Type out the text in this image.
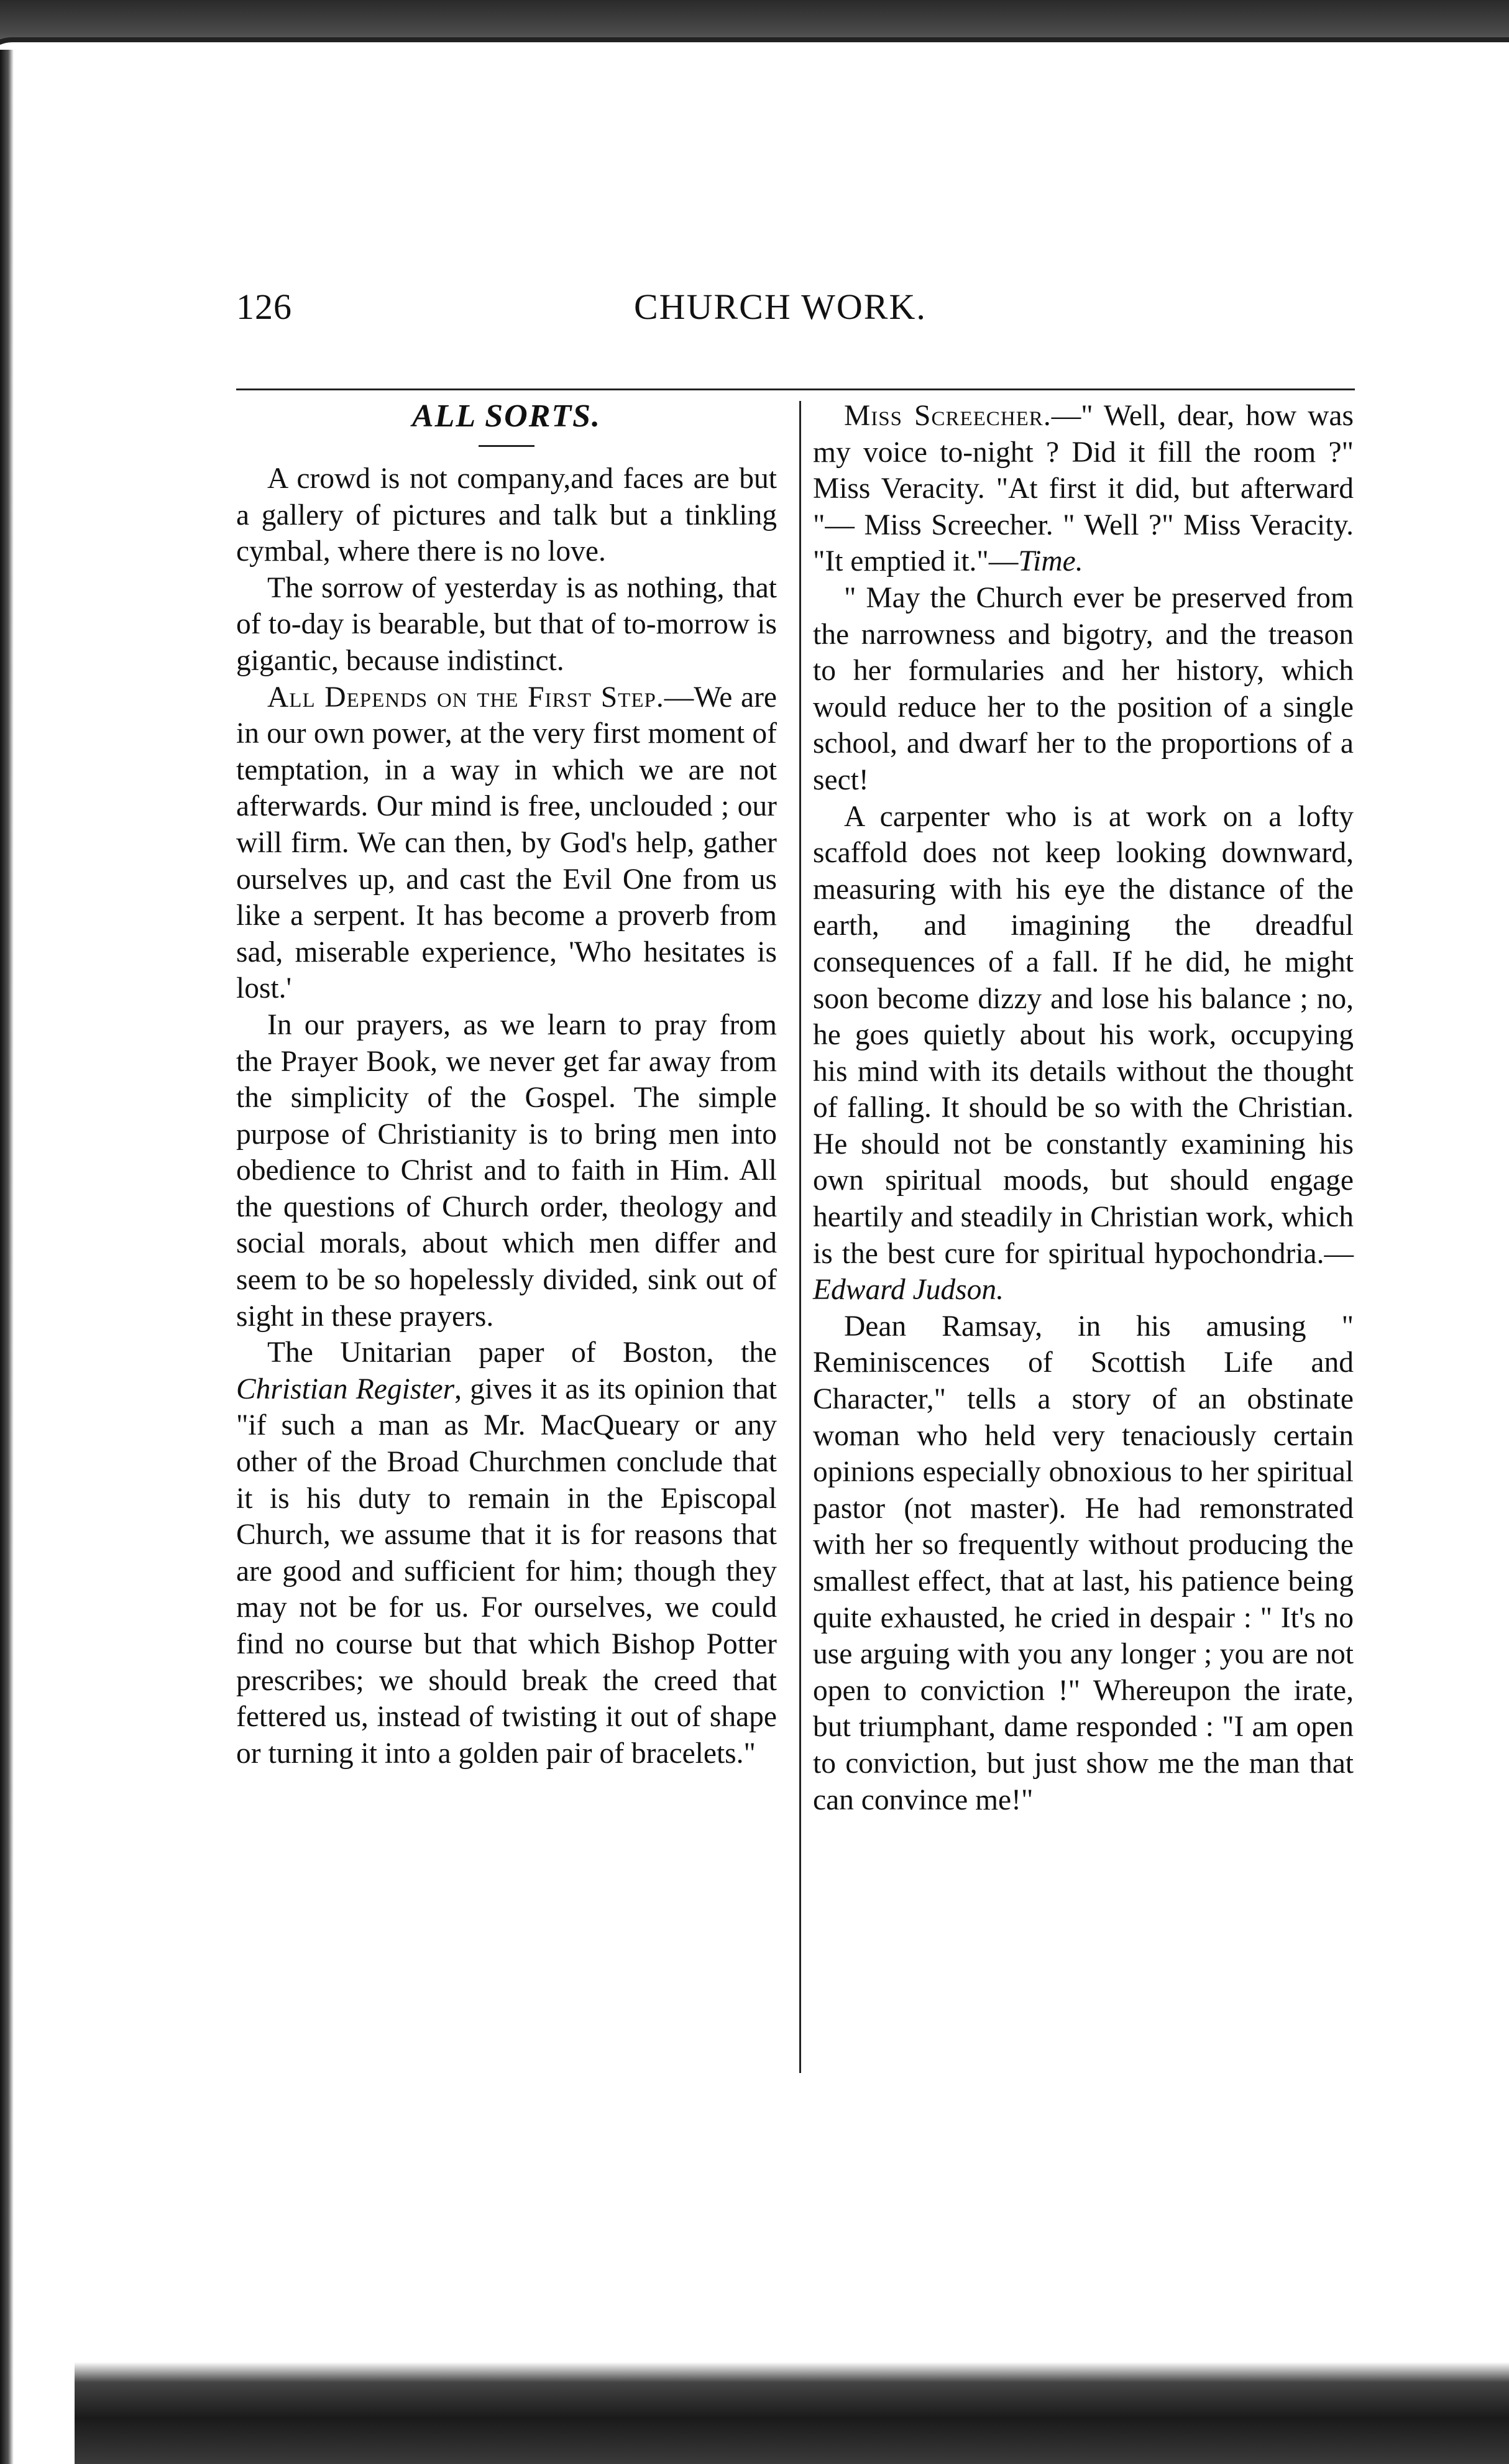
126	CHURCH WORK.
ALL SORTS.

A crowd is not company,and faces are but a gallery of pictures and talk but a tinkling cymbal, where there is no love.

The sorrow of yesterday is as nothing, that of to-day is bearable, but that of to-morrow is gigantic, because indistinct.

All Depends on the First Step.—We are in our own power, at the very first moment of temptation, in a way in which we are not afterwards. Our mind is free, unclouded ; our will firm. We can then, by God's help, gather ourselves up, and cast the Evil One from us like a serpent. It has become a proverb from sad, miserable experience, 'Who hesitates is lost.'

In our prayers, as we learn to pray from the Prayer Book, we never get far away from the simplicity of the Gospel. The simple purpose of Christianity is to bring men into obedience to Christ and to faith in Him. All the questions of Church order, theology and social morals, about which men differ and seem to be so hopelessly divided, sink out of sight in these prayers.

The Unitarian paper of Boston, the Christian Register, gives it as its opinion that "if such a man as Mr. MacQueary or any other of the Broad Churchmen conclude that it is his duty to remain in the Episcopal Church, we assume that it is for reasons that are good and sufficient for him; though they may not be for us. For ourselves, we could find no course but that which Bishop Potter prescribes; we should break the creed that fettered us, instead of twisting it out of shape or turning it into a golden pair of bracelets."

Miss Screecher.—" Well, dear, how was my voice to-night ? Did it fill the room ?" Miss Veracity. "At first it did, but afterward "— Miss Screecher. " Well ?" Miss Veracity. "It emptied it."—Time.

" May the Church ever be preserved from the narrowness and bigotry, and the treason to her formularies and her history, which would reduce her to the position of a single school, and dwarf her to the proportions of a sect!

A carpenter who is at work on a lofty scaffold does not keep looking downward, measuring with his eye the distance of the earth, and imagining the dreadful consequences of a fall. If he did, he might soon become dizzy and lose his balance ; no, he goes quietly about his work, occupying his mind with its details without the thought of falling. It should be so with the Christian. He should not be constantly examining his own spiritual moods, but should engage heartily and steadily in Christian work, which is the best cure for spiritual hypochondria.—Edward Judson.

Dean Ramsay, in his amusing " Reminiscences of Scottish Life and Character," tells a story of an obstinate woman who held very tenaciously certain opinions especially obnoxious to her spiritual pastor (not master). He had remonstrated with her so frequently without producing the smallest effect, that at last, his patience being quite exhausted, he cried in despair : " It's no use arguing with you any longer ; you are not open to conviction !" Whereupon the irate, but triumphant, dame responded : "I am open to conviction, but just show me the man that can convince me!"
